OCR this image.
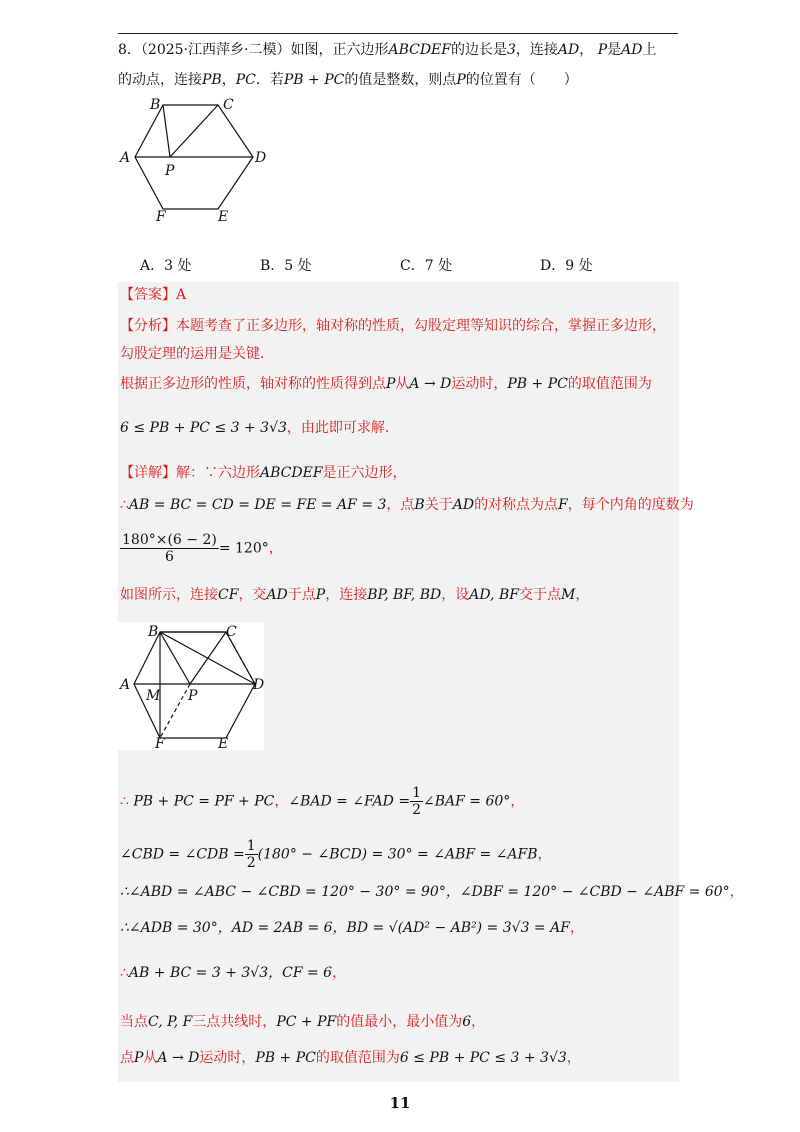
8．（2025·江西萍乡·二模）如图，正六边形ABCDEF的边长是3，连接AD， P是AD上
的动点，连接PB，PC．若PB + PC的值是整数，则点P的位置有（　　）
B	C
A
P
D
F	E
A．3 处	B．5 处	C．7 处	D．9 处
【答案】A
【分析】本题考查了正多边形，轴对称的性质，勾股定理等知识的综合，掌握正多边形，
勾股定理的运用是关键．
根据正多边形的性质，轴对称的性质得到点P从A → D运动时，PB + PC的取值范围为
6 ≤ PB + PC ≤ 3 + 3√3，由此即可求解．
【详解】解：∵六边形ABCDEF是正六边形，
∴AB = BC = CD = DE = FE = AF = 3，点B关于AD的对称点为点F，每个内角的度数为
$\frac{180^\circ\times(6 - 2)}{6} = 120^\circ$，
如图所示，连接CF，交AD于点P，连接BP, BF, BD，设AD, BF交于点M，
B	C
A
M P
D
F	E
∴ PB + PC = PF + PC，∠BAD = ∠FAD = $\frac{1}{2}$ ∠BAF = 60°，
∠CBD = ∠CDB = $\frac{1}{2} (180^\circ$ − ∠BCD) = 30° = ∠ABF = ∠AFB，
∴∠ABD = ∠ABC − ∠CBD = 120° − 30° = 90°，∠DBF = 120° − ∠CBD − ∠ABF = 60°，
∴∠ADB = 30°，AD = 2AB = 6，BD = √(AD² − AB²) = 3√3 = AF，
∴AB + BC = 3 + 3√3，CF = 6，
当点C, P, F三点共线时，PC + PF的值最小，最小值为6，
点P从A → D运动时，PB + PC的取值范围为6 ≤ PB + PC ≤ 3 + 3√3，
11
